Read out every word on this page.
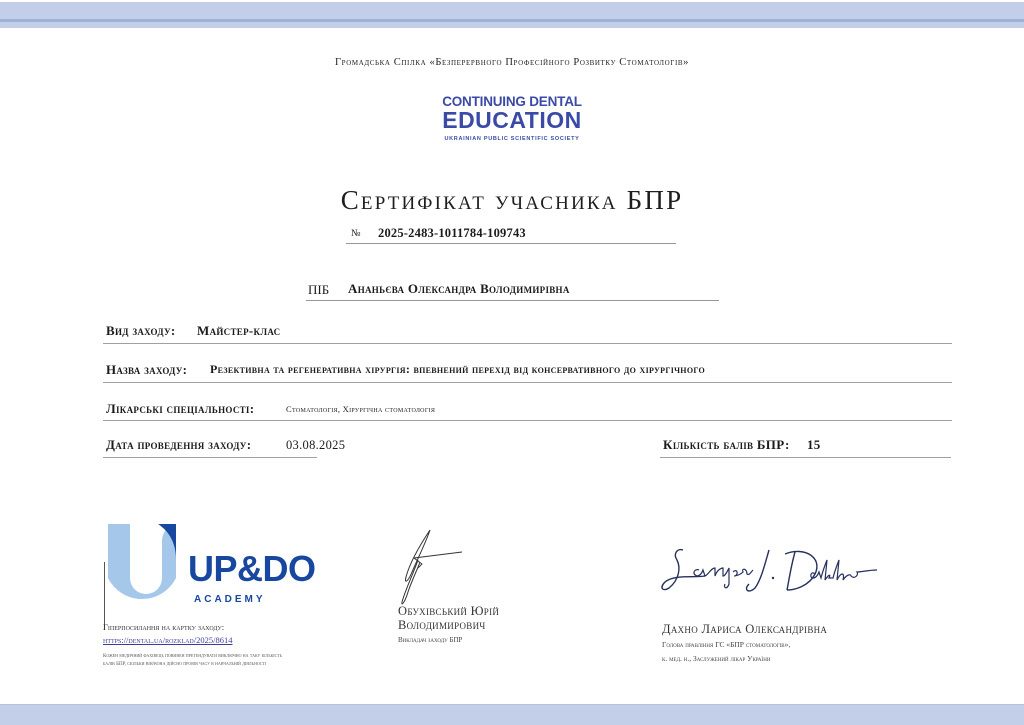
Громадська Спілка «Безперервного Професійного Розвитку Стоматологів»
CONTINUING DENTAL
EDUCATION
UKRAINIAN PUBLIC SCIENTIFIC SOCIETY
Сертифікат учасника БПР
№ 2025-2483-1011784-109743
ПІБ Ананьєва Олександра Володимирівна
Вид заходу: Майстер-клас
Назва заходу: Резективна та регенеративна хірургія: впевнений перехід від консервативного до хірургічного
Лікарські спеціальності:	Стоматологія, Хірургічна стоматологія
Дата проведення заходу:	03.08.2025	Кількість балів БПР: 15
UP&DO
ACADEMY
Гіперпосилання на картку заходу:
https://dental.ua/rozklad/2025/8614
Кожен медичний фахівець повинен претендувати виключно на таку кількість балів БПР, скільки він/вона дійсно провів часу в навчальній діяльності
Обухівський Юрій
Володимирович
Викладач заходу БПР
Дахно Лариса Олександрівна
Голова правління ГС «БПР стоматологів»,
к. мед. н., Заслужений лікар України
